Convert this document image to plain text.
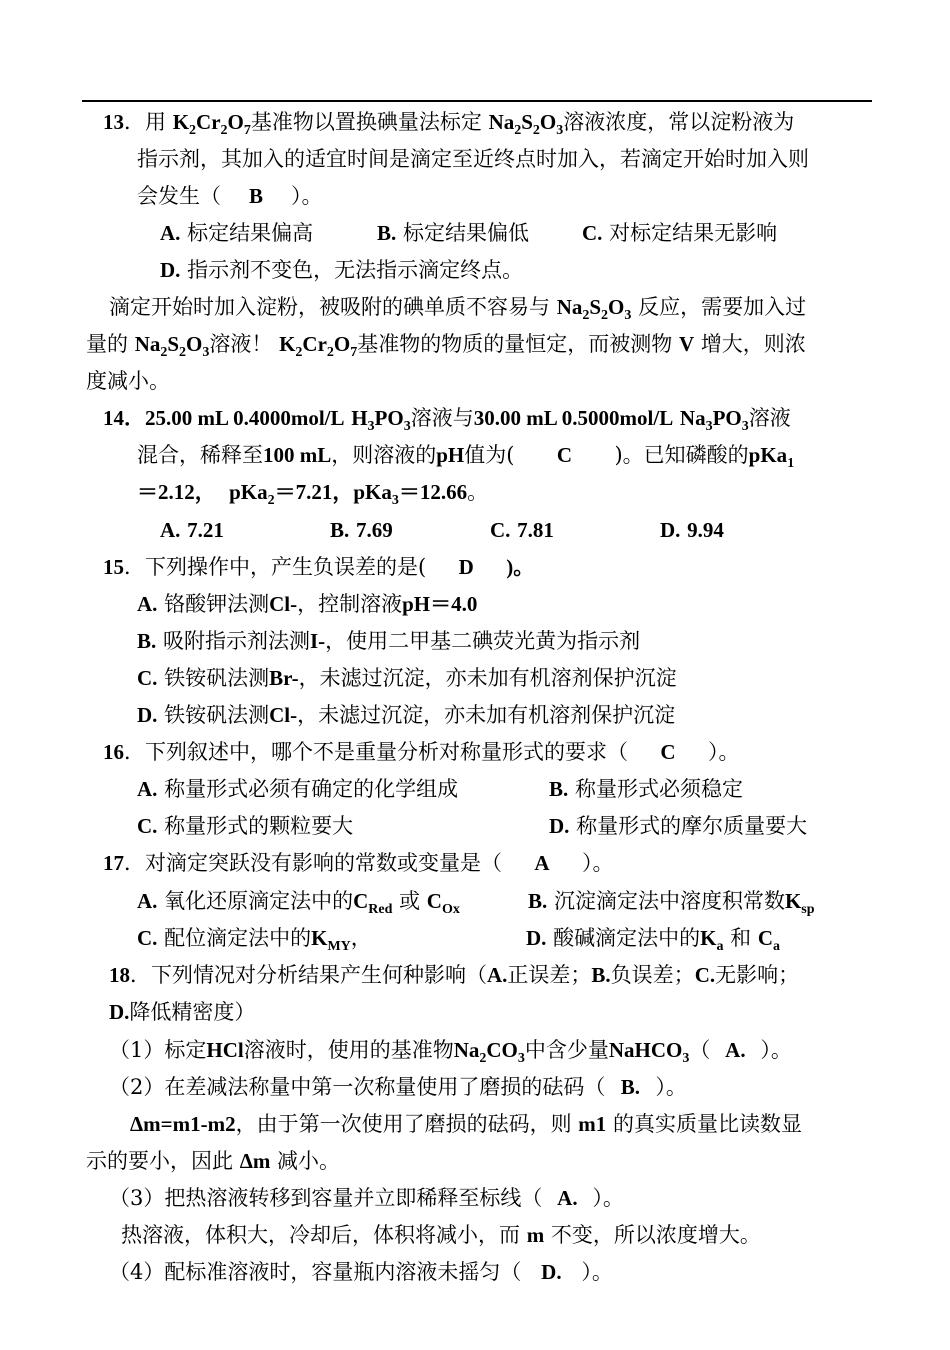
13．用 $K_2Cr_2O_7$基准物以置换碘量法标定 $Na_2S_2O_3$溶液浓度，常以淀粉液为
指示剂，其加入的适宜时间是滴定至近终点时加入，若滴定开始时加入则
会发生（ B ）。
A. 标定结果偏高	B. 标定结果偏低	C. 对标定结果无影响
D. 指示剂不变色，无法指示滴定终点。
滴定开始时加入淀粉，被吸附的碘单质不容易与 $Na_2S_2O_3$ 反应，需要加入过
量的 $Na_2S_2O_3$溶液！ $K_2Cr_2O_7$基准物的物质的量恒定，而被测物 V 增大，则浓
度减小。
14．25.00 mL 0.4000mol/L $H_3PO_3$溶液与30.00 mL 0.5000mol/L $Na_3PO_3$溶液
混合，稀释至100 mL，则溶液的pH值为( C )。已知磷酸的pKa$_1$
＝2.12， pKa$_2$＝7.21，pKa$_3$＝12.66。
A. 7.21	B. 7.69	C. 7.81	D. 9.94
15．下列操作中，产生负误差的是( D )。
A. 铬酸钾法测Cl-，控制溶液pH＝4.0
B. 吸附指示剂法测I-，使用二甲基二碘荧光黄为指示剂
C. 铁铵矾法测Br-，未滤过沉淀，亦未加有机溶剂保护沉淀
D. 铁铵矾法测Cl-，未滤过沉淀，亦未加有机溶剂保护沉淀
16．下列叙述中，哪个不是重量分析对称量形式的要求（ C ）。
A. 称量形式必须有确定的化学组成	B. 称量形式必须稳定
C. 称量形式的颗粒要大	D. 称量形式的摩尔质量要大
17．对滴定突跃没有影响的常数或变量是（ A ）。
A. 氧化还原滴定法中的$C_{Red}$ 或 $C_{Ox}$	B. 沉淀滴定法中溶度积常数$K_{sp}$
C. 配位滴定法中的$K_{MY}$，	D. 酸碱滴定法中的$K_a$ 和 $C_a$
18．下列情况对分析结果产生何种影响（A.正误差；B.负误差；C.无影响；
D.降低精密度）
（1）标定HCl溶液时，使用的基准物$Na_2CO_3$中含少量NaHCO$_3$（ A. ）。
（2）在差减法称量中第一次称量使用了磨损的砝码（ B. ）。
Δm=m1-m2，由于第一次使用了磨损的砝码，则 m1 的真实质量比读数显
示的要小，因此 Δm 减小。
（3）把热溶液转移到容量并立即稀释至标线（ A. ）。
热溶液，体积大，冷却后，体积将减小，而 m 不变，所以浓度增大。
（4）配标准溶液时，容量瓶内溶液未摇匀（ D. ）。
